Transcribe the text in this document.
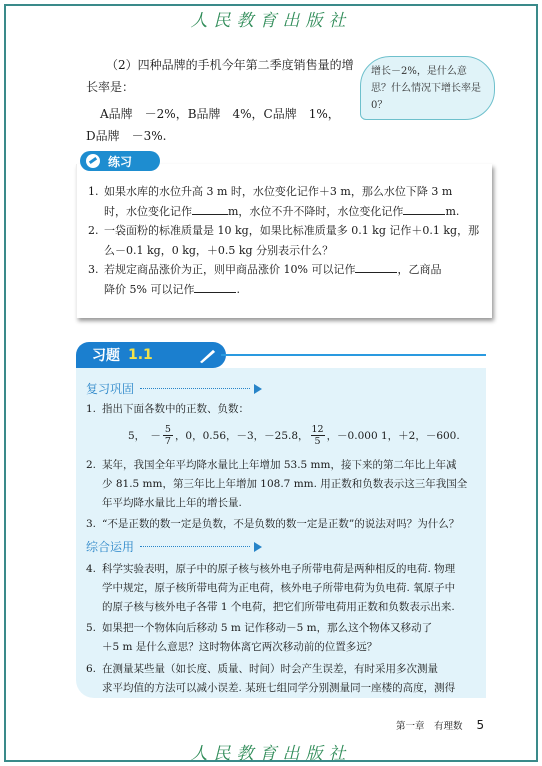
人民教育出版社
（2）四种品牌的手机今年第二季度销售量的增
长率是：
A品牌　－2%，B品牌　4%，C品牌　1%，
D品牌　－3%.
增长－2%，是什么意思？什么情况下增长率是0？
练习
1. 如果水库的水位升高 3 m 时，水位变化记作＋3 m，那么水位下降 3 m
时，水位变化记作	m，水位不升不降时，水位变化记作	m.
2. 一袋面粉的标准质量是 10 kg，如果比标准质量多 0.1 kg 记作＋0.1 kg，那
么－0.1 kg，0 kg，＋0.5 kg 分别表示什么？
3. 若规定商品涨价为正，则甲商品涨价 10% 可以记作	，乙商品
降价 5% 可以记作	.
习题 1.1
复习巩固
1. 指出下面各数中的正数、负数：
5，　－ $\frac{5}{7}$ ，0，0.56，－3，－25.8， $\frac{12}{5}$ ，－0.000 1，＋2，－600.
2. 某年，我国全年平均降水量比上年增加 53.5 mm，接下来的第二年比上年减
少 81.5 mm，第三年比上年增加 108.7 mm. 用正数和负数表示这三年我国全
年平均降水量比上年的增长量.
3. “不是正数的数一定是负数，不是负数的数一定是正数”的说法对吗？为什么？
综合运用
4. 科学实验表明，原子中的原子核与核外电子所带电荷是两种相反的电荷. 物理
学中规定，原子核所带电荷为正电荷，核外电子所带电荷为负电荷. 氧原子中
的原子核与核外电子各带 1 个电荷，把它们所带电荷用正数和负数表示出来.
5. 如果把一个物体向后移动 5 m 记作移动－5 m，那么这个物体又移动了
＋5 m 是什么意思？这时物体离它两次移动前的位置多远？
6. 在测量某些量（如长度、质量、时间）时会产生误差，有时采用多次测量
求平均值的方法可以减小误差. 某班七组同学分别测量同一座楼的高度，测得
第一章　有理数 5
人民教育出版社
